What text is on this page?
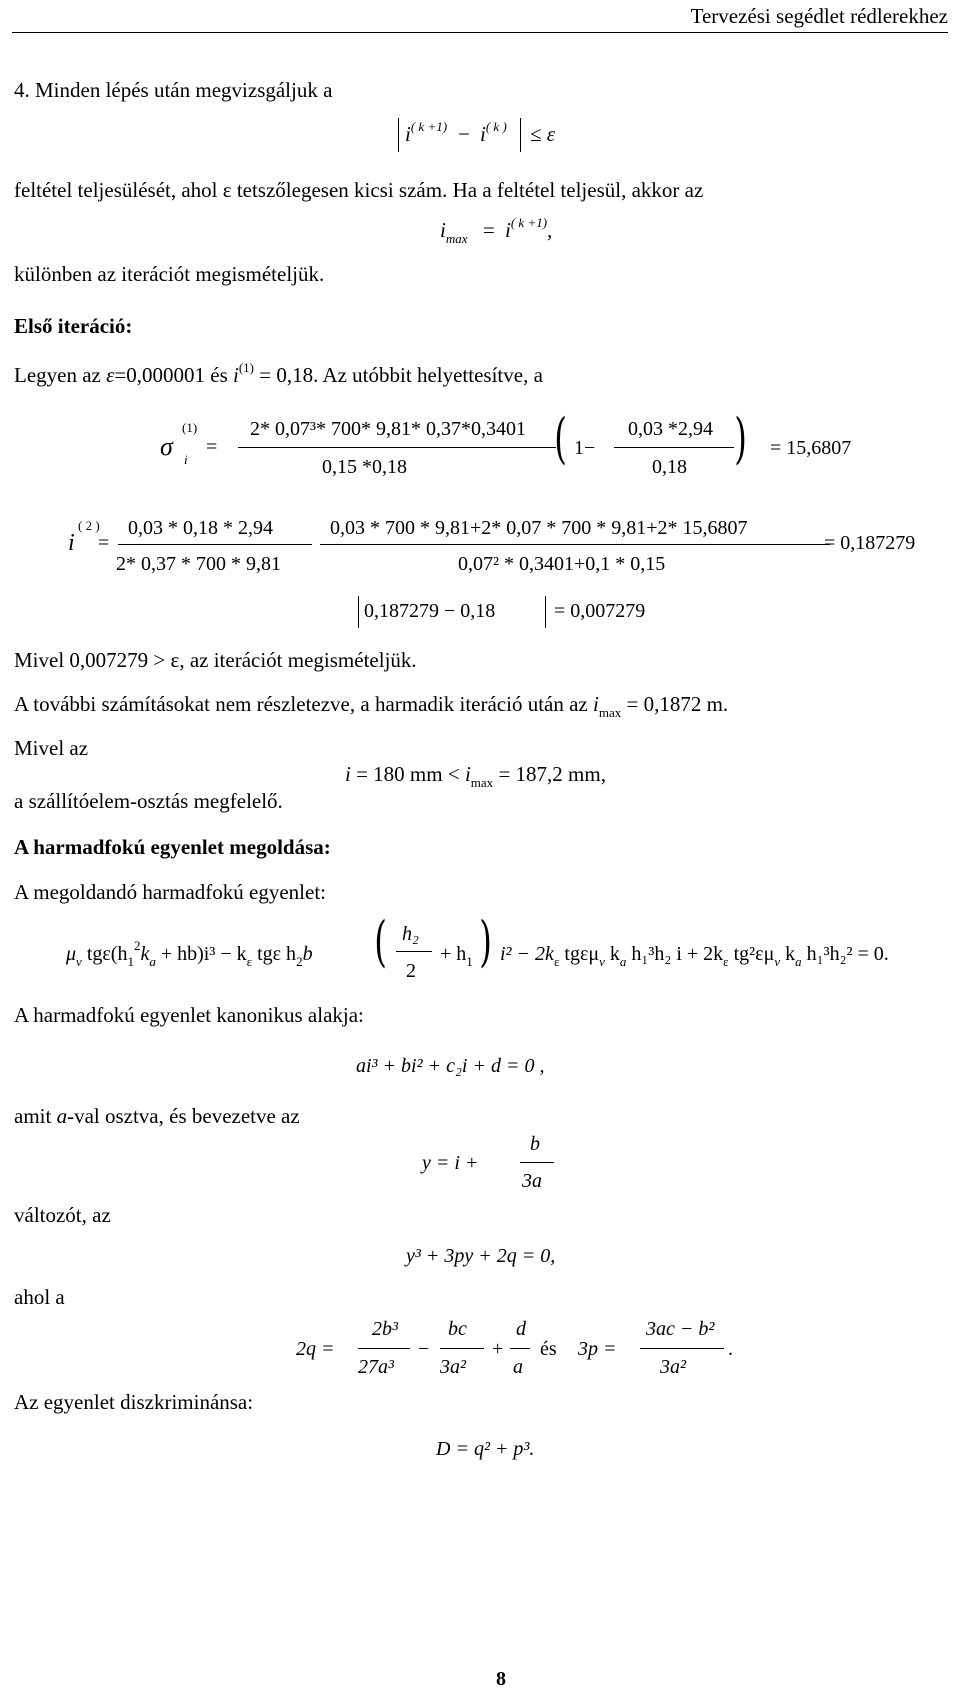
Tervezési segédlet rédlerekhez
4. Minden lépés után megvizsgáljuk a
$i^{( k +1)} - i^{( k )} \le \varepsilon$
feltétel teljesülését, ahol ε tetszőlegesen kicsi szám. Ha a feltétel teljesül, akkor az
$i_{max} = i^{( k +1)}$,
különben az iterációt megismételjük.
Első iteráció:
Legyen az ε=0,000001 és $i^{(1)} = 0,18$. Az utóbbit helyettesítve, a
σ
(1)
i
=
2* 0,07³* 700* 9,81* 0,37*0,3401
0,15 *0,18	( 1−
0,03 *2,94
0,18 ) = 15,6807
i
( 2 )
=
0,03 * 0,18 * 2,94
2* 0,37 * 700 * 9,81
0,03 * 700 * 9,81+2* 0,07 * 700 * 9,81+2* 15,6807
0,07² * 0,3401+0,1 * 0,15
= 0,187279
0,187279 − 0,18	= 0,007279
Mivel 0,007279 > ε, az iterációt megismételjük.
A további számításokat nem részletezve, a harmadik iteráció után az $i_{max} = 0,1872$ m.
Mivel az
i = 180 mm < $i_{max} = 187,2$ mm,
a szállítóelem-osztás megfelelő.
A harmadfokú egyenlet megoldása:
A megoldandó harmadfokú egyenlet:
$\mu_v$ $tg\varepsilon(h_1^2k_a + hb)i^3 - k_\varepsilon$ tgε $h_2b$ ( h₂
2
+ $h_1$ ) $i^2 - 2k_\varepsilon$ tgεμ$_v$ $k_a$ h₁³h₂ $i + 2k_\varepsilon$ $tg^2\varepsilon\mu_v$ $k_a$ h₁³h₂² = 0.
A harmadfokú egyenlet kanonikus alakja:
ai³ + bi² + c₂i + d = 0 ,
amit a-val osztva, és bevezetve az
y = i +
b
3a
változót, az
y³ + 3py + 2q = 0,
ahol a
2q =
2b³
27a³
−
bc
3a²
+
d
a
és 3p =
3ac − b²
3a²
.
Az egyenlet diszkriminánsa:
D = q² + p³.
8
